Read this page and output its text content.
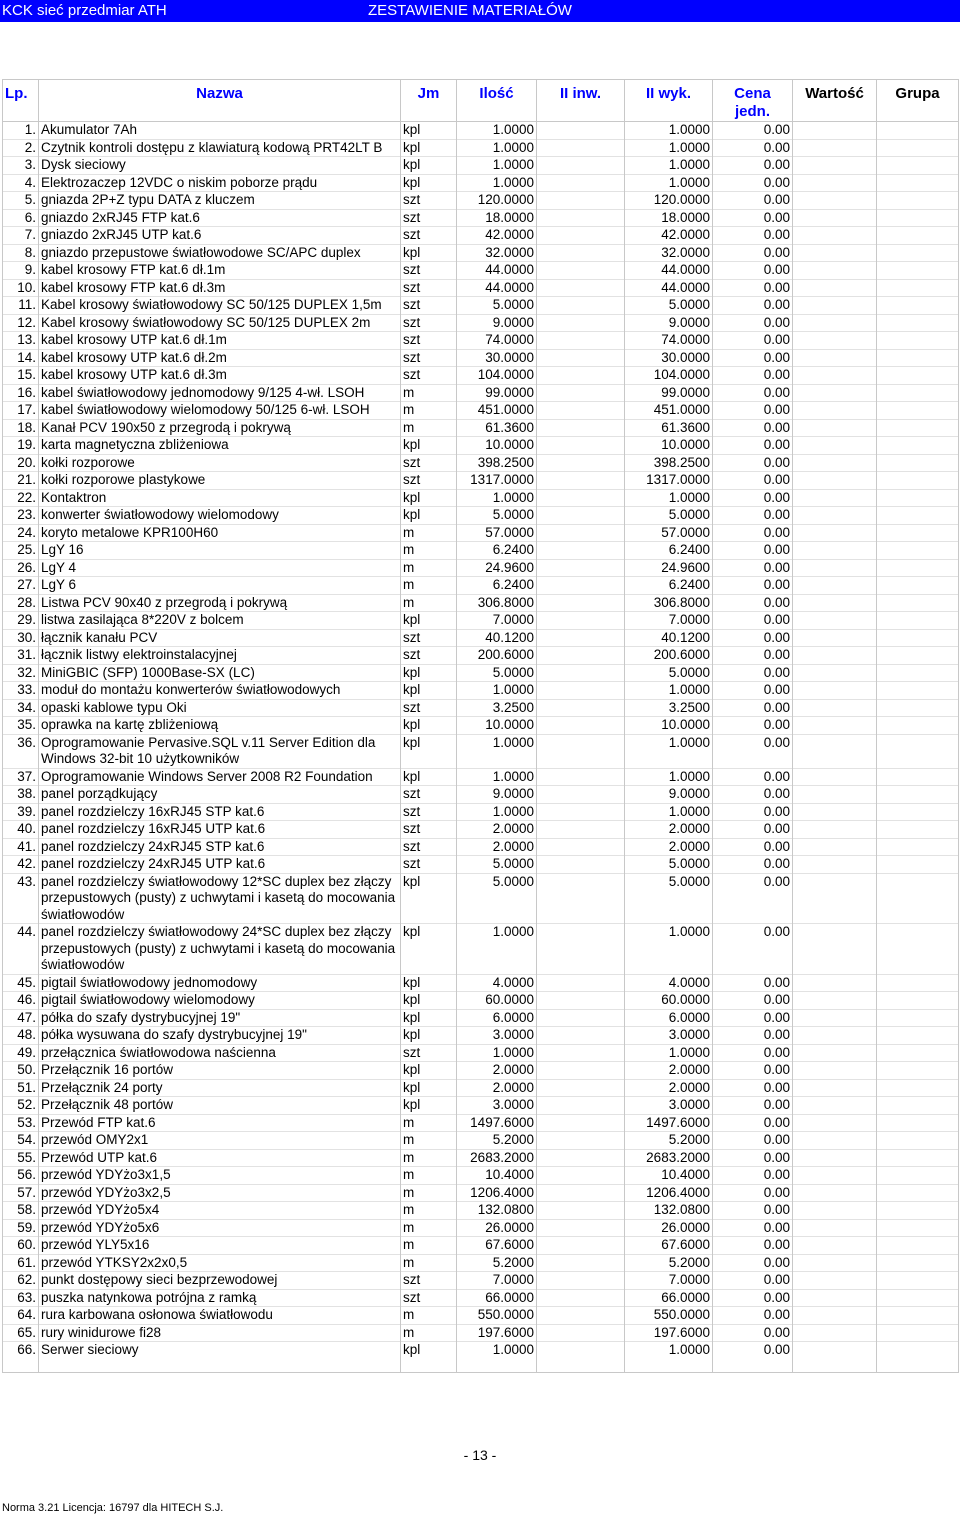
KCK sieć przedmiar ATH	ZESTAWIENIE MATERIAŁÓW
Lp.	Nazwa	Jm	Ilość	II inw.	II wyk.	Cena jedn.	Wartość	Grupa
1.	Akumulator 7Ah	kpl	1.0000		1.0000	0.00		
2.	Czytnik kontroli dostępu z klawiaturą kodową PRT42LT B	kpl	1.0000		1.0000	0.00		
3.	Dysk sieciowy	kpl	1.0000		1.0000	0.00		
4.	Elektrozaczep 12VDC o niskim poborze prądu	kpl	1.0000		1.0000	0.00		
5.	gniazda 2P+Z typu DATA z kluczem	szt	120.0000		120.0000	0.00		
6.	gniazdo 2xRJ45 FTP kat.6	szt	18.0000		18.0000	0.00		
7.	gniazdo 2xRJ45 UTP kat.6	szt	42.0000		42.0000	0.00		
8.	gniazdo przepustowe światłowodowe SC/APC duplex	kpl	32.0000		32.0000	0.00		
9.	kabel krosowy FTP kat.6 dł.1m	szt	44.0000		44.0000	0.00		
10.	kabel krosowy FTP kat.6 dł.3m	szt	44.0000		44.0000	0.00		
11.	Kabel krosowy światłowodowy SC 50/125 DUPLEX 1,5m	szt	5.0000		5.0000	0.00		
12.	Kabel krosowy światłowodowy SC 50/125 DUPLEX 2m	szt	9.0000		9.0000	0.00		
13.	kabel krosowy UTP kat.6 dł.1m	szt	74.0000		74.0000	0.00		
14.	kabel krosowy UTP kat.6 dł.2m	szt	30.0000		30.0000	0.00		
15.	kabel krosowy UTP kat.6 dł.3m	szt	104.0000		104.0000	0.00		
16.	kabel światłowodowy jednomodowy 9/125 4-wł. LSOH	m	99.0000		99.0000	0.00		
17.	kabel światłowodowy wielomodowy 50/125 6-wł. LSOH	m	451.0000		451.0000	0.00		
18.	Kanał PCV 190x50 z przegrodą i pokrywą	m	61.3600		61.3600	0.00		
19.	karta magnetyczna zbliżeniowa	kpl	10.0000		10.0000	0.00		
20.	kołki rozporowe	szt	398.2500		398.2500	0.00		
21.	kołki rozporowe plastykowe	szt	1317.0000		1317.0000	0.00		
22.	Kontaktron	kpl	1.0000		1.0000	0.00		
23.	konwerter światłowodowy wielomodowy	kpl	5.0000		5.0000	0.00		
24.	koryto metalowe KPR100H60	m	57.0000		57.0000	0.00		
25.	LgY 16	m	6.2400		6.2400	0.00		
26.	LgY 4	m	24.9600		24.9600	0.00		
27.	LgY 6	m	6.2400		6.2400	0.00		
28.	Listwa PCV 90x40 z przegrodą i pokrywą	m	306.8000		306.8000	0.00		
29.	listwa zasilająca 8*220V z bolcem	kpl	7.0000		7.0000	0.00		
30.	łącznik kanału PCV	szt	40.1200		40.1200	0.00		
31.	łącznik listwy elektroinstalacyjnej	szt	200.6000		200.6000	0.00		
32.	MiniGBIC (SFP) 1000Base-SX (LC)	kpl	5.0000		5.0000	0.00		
33.	moduł do montażu konwerterów światłowodowych	kpl	1.0000		1.0000	0.00		
34.	opaski kablowe typu Oki	szt	3.2500		3.2500	0.00		
35.	oprawka na kartę zbliżeniową	kpl	10.0000		10.0000	0.00		
36.	Oprogramowanie Pervasive.SQL v.11 Server Edition dla Windows 32-bit 10 użytkowników	kpl	1.0000		1.0000	0.00		
37.	Oprogramowanie Windows Server 2008 R2 Foundation	kpl	1.0000		1.0000	0.00		
38.	panel porządkujący	szt	9.0000		9.0000	0.00		
39.	panel rozdzielczy 16xRJ45 STP kat.6	szt	1.0000		1.0000	0.00		
40.	panel rozdzielczy 16xRJ45 UTP kat.6	szt	2.0000		2.0000	0.00		
41.	panel rozdzielczy 24xRJ45 STP kat.6	szt	2.0000		2.0000	0.00		
42.	panel rozdzielczy 24xRJ45 UTP kat.6	szt	5.0000		5.0000	0.00		
43.	panel rozdzielczy światłowodowy 12*SC duplex bez złączy przepustowych (pusty) z uchwytami i kasetą do mocowania światłowodów	kpl	5.0000		5.0000	0.00		
44.	panel rozdzielczy światłowodowy 24*SC duplex bez złączy przepustowych (pusty) z uchwytami i kasetą do mocowania światłowodów	kpl	1.0000		1.0000	0.00		
45.	pigtail światłowodowy jednomodowy	kpl	4.0000		4.0000	0.00		
46.	pigtail światłowodowy wielomodowy	kpl	60.0000		60.0000	0.00		
47.	półka do szafy dystrybucyjnej 19"	kpl	6.0000		6.0000	0.00		
48.	półka wysuwana do szafy dystrybucyjnej 19"	kpl	3.0000		3.0000	0.00		
49.	przełącznica światłowodowa naścienna	szt	1.0000		1.0000	0.00		
50.	Przełącznik 16 portów	kpl	2.0000		2.0000	0.00		
51.	Przełącznik 24 porty	kpl	2.0000		2.0000	0.00		
52.	Przełącznik 48 portów	kpl	3.0000		3.0000	0.00		
53.	Przewód FTP kat.6	m	1497.6000		1497.6000	0.00		
54.	przewód OMY2x1	m	5.2000		5.2000	0.00		
55.	Przewód UTP kat.6	m	2683.2000		2683.2000	0.00		
56.	przewód YDYżo3x1,5	m	10.4000		10.4000	0.00		
57.	przewód YDYżo3x2,5	m	1206.4000		1206.4000	0.00		
58.	przewód YDYżo5x4	m	132.0800		132.0800	0.00		
59.	przewód YDYżo5x6	m	26.0000		26.0000	0.00		
60.	przewód YLY5x16	m	67.6000		67.6000	0.00		
61.	przewód YTKSY2x2x0,5	m	5.2000		5.2000	0.00		
62.	punkt dostępowy sieci bezprzewodowej	szt	7.0000		7.0000	0.00		
63.	puszka natynkowa potrójna z ramką	szt	66.0000		66.0000	0.00		
64.	rura karbowana osłonowa światłowodu	m	550.0000		550.0000	0.00		
65.	rury winidurowe fi28	m	197.6000		197.6000	0.00		
66.	Serwer sieciowy	kpl	1.0000		1.0000	0.00		
- 13 -
Norma 3.21 Licencja: 16797 dla HITECH S.J.
